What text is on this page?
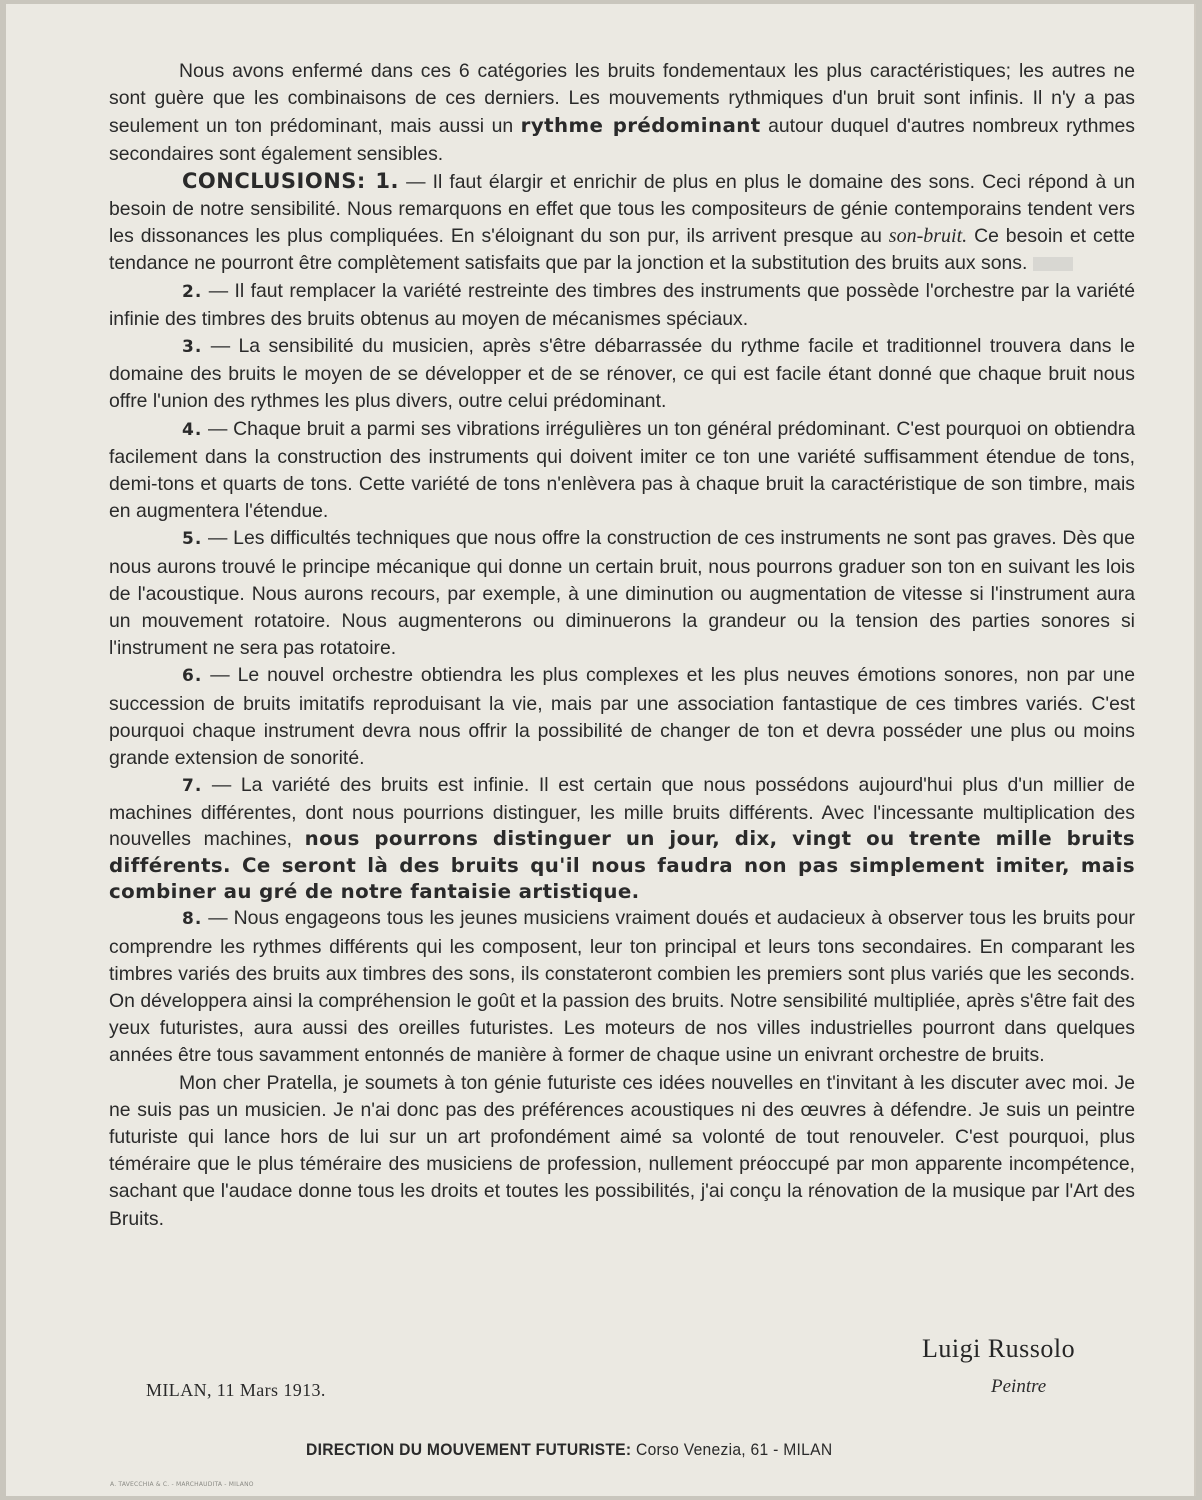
Nous avons enfermé dans ces 6 catégories les bruits fondementaux les plus caractéristiques; les autres ne sont guère que les combinaisons de ces derniers. Les mouvements rythmiques d'un bruit sont infinis. Il n'y a pas seulement un ton prédominant, mais aussi un rythme prédominant autour duquel d'autres nombreux rythmes secondaires sont également sensibles.

CONCLUSIONS: 1. — Il faut élargir et enrichir de plus en plus le domaine des sons. Ceci répond à un besoin de notre sensibilité. Nous remarquons en effet que tous les compositeurs de génie contemporains tendent vers les dissonances les plus compliquées. En s'éloignant du son pur, ils arrivent presque au son-bruit. Ce besoin et cette tendance ne pourront être complètement satisfaits que par la jonction et la substitution des bruits aux sons.

2. — Il faut remplacer la variété restreinte des timbres des instruments que possède l'orchestre par la variété infinie des timbres des bruits obtenus au moyen de mécanismes spéciaux.

3. — La sensibilité du musicien, après s'être débarrassée du rythme facile et traditionnel trouvera dans le domaine des bruits le moyen de se développer et de se rénover, ce qui est facile étant donné que chaque bruit nous offre l'union des rythmes les plus divers, outre celui prédominant.

4. — Chaque bruit a parmi ses vibrations irrégulières un ton général prédominant. C'est pourquoi on obtiendra facilement dans la construction des instruments qui doivent imiter ce ton une variété suffisamment étendue de tons, demi-tons et quarts de tons. Cette variété de tons n'enlèvera pas à chaque bruit la caractéristique de son timbre, mais en augmentera l'étendue.

5. — Les difficultés techniques que nous offre la construction de ces instruments ne sont pas graves. Dès que nous aurons trouvé le principe mécanique qui donne un certain bruit, nous pourrons graduer son ton en suivant les lois de l'acoustique. Nous aurons recours, par exemple, à une diminution ou augmentation de vitesse si l'instrument aura un mouvement rotatoire. Nous augmenterons ou diminuerons la grandeur ou la tension des parties sonores si l'instrument ne sera pas rotatoire.

6. — Le nouvel orchestre obtiendra les plus complexes et les plus neuves émotions sonores, non par une succession de bruits imitatifs reproduisant la vie, mais par une association fantastique de ces timbres variés. C'est pourquoi chaque instrument devra nous offrir la possibilité de changer de ton et devra posséder une plus ou moins grande extension de sonorité.

7. — La variété des bruits est infinie. Il est certain que nous possédons aujourd'hui plus d'un millier de machines différentes, dont nous pourrions distinguer, les mille bruits différents. Avec l'incessante multiplication des nouvelles machines, nous pourrons distinguer un jour, dix, vingt ou trente mille bruits différents. Ce seront là des bruits qu'il nous faudra non pas simplement imiter, mais combiner au gré de notre fantaisie artistique.

8. — Nous engageons tous les jeunes musiciens vraiment doués et audacieux à observer tous les bruits pour comprendre les rythmes différents qui les composent, leur ton principal et leurs tons secondaires. En comparant les timbres variés des bruits aux timbres des sons, ils constateront combien les premiers sont plus variés que les seconds. On développera ainsi la compréhension le goût et la passion des bruits. Notre sensibilité multipliée, après s'être fait des yeux futuristes, aura aussi des oreilles futuristes. Les moteurs de nos villes industrielles pourront dans quelques années être tous savamment entonnés de manière à former de chaque usine un enivrant orchestre de bruits.

Mon cher Pratella, je soumets à ton génie futuriste ces idées nouvelles en t'invitant à les discuter avec moi. Je ne suis pas un musicien. Je n'ai donc pas des préférences acoustiques ni des œuvres à défendre. Je suis un peintre futuriste qui lance hors de lui sur un art profondément aimé sa volonté de tout renouveler. C'est pourquoi, plus téméraire que le plus téméraire des musiciens de profession, nullement préoccupé par mon apparente incompétence, sachant que l'audace donne tous les droits et toutes les possibilités, j'ai conçu la rénovation de la musique par l'Art des Bruits.

Luigi Russolo
Peintre
MILAN, 11 Mars 1913.
DIRECTION DU MOUVEMENT FUTURISTE: Corso Venezia, 61 - MILAN
A. TAVECCHIA & C. - MARCHAUDITA - MILANO
